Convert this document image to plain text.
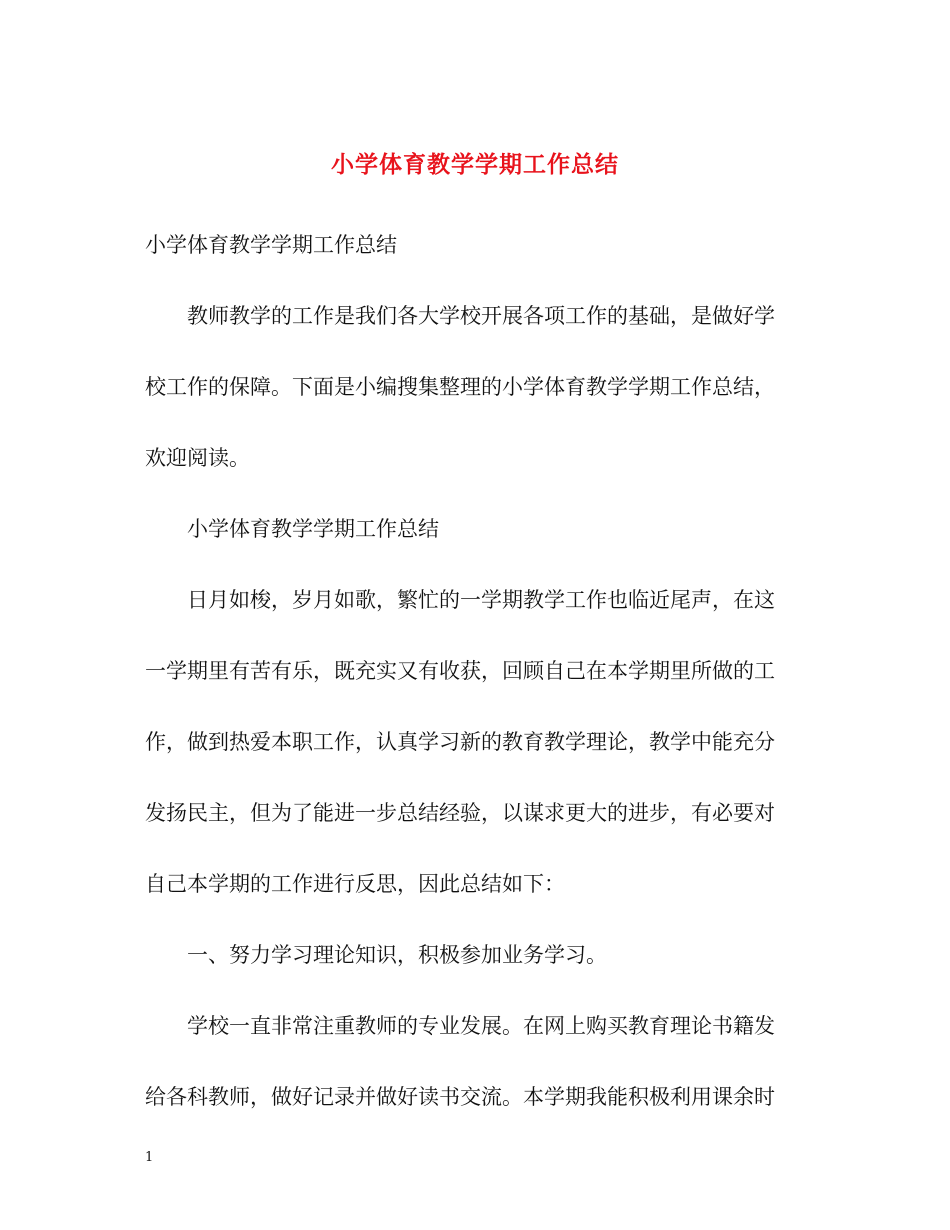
小学体育教学学期工作总结
小学体育教学学期工作总结
教师教学的工作是我们各大学校开展各项工作的基础，是做好学
校工作的保障。下面是小编搜集整理的小学体育教学学期工作总结，
欢迎阅读。
小学体育教学学期工作总结
日月如梭，岁月如歌，繁忙的一学期教学工作也临近尾声，在这
一学期里有苦有乐，既充实又有收获，回顾自己在本学期里所做的工
作，做到热爱本职工作，认真学习新的教育教学理论，教学中能充分
发扬民主，但为了能进一步总结经验，以谋求更大的进步，有必要对
自己本学期的工作进行反思，因此总结如下：
一、努力学习理论知识，积极参加业务学习。
学校一直非常注重教师的专业发展。在网上购买教育理论书籍发
给各科教师，做好记录并做好读书交流。本学期我能积极利用课余时
1
